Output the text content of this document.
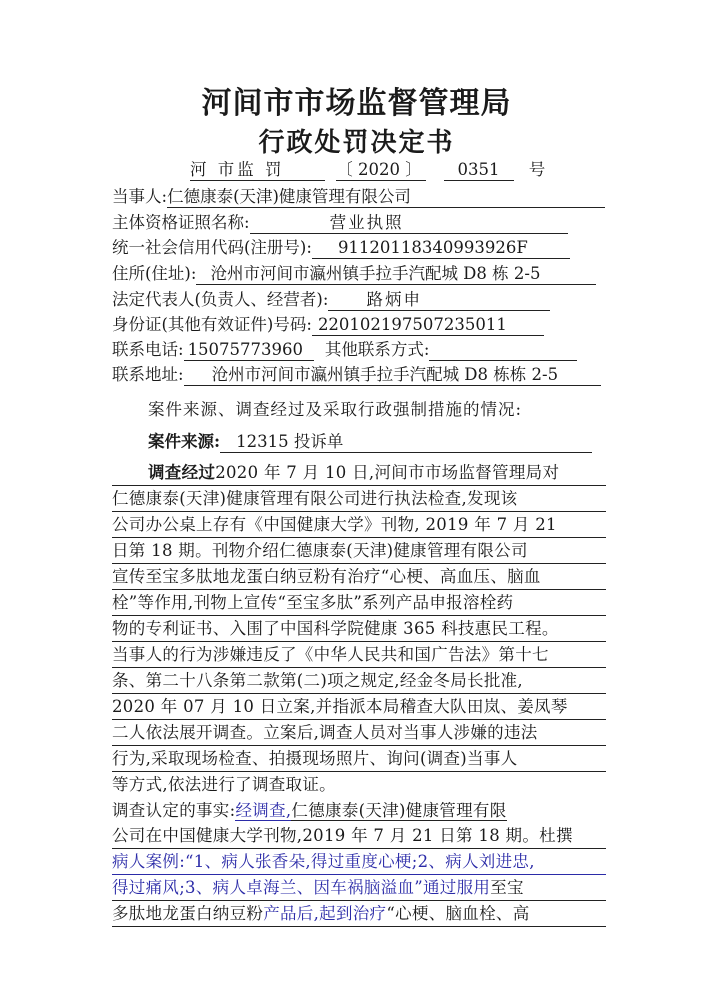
河间市市场监督管理局
行政处罚决定书
河 市监 罚	〔 2020 〕 0351 号
当事人:仁德康泰(天津)健康管理有限公司
主体资格证照名称:	营业执照
统一社会信用代码(注册号): 91120118340993926F
住所(住址): 沧州市河间市瀛州镇手拉手汽配城 D8 栋 2-5
法定代表人(负责人、经营者): 路炳申
身份证(其他有效证件)号码: 220102197507235011
联系电话: 15075773960 其他联系方式:
联系地址: 沧州市河间市瀛州镇手拉手汽配城 D8 栋栋 2-5
案件来源、调查经过及采取行政强制措施的情况:
案件来源: 12315 投诉单
调查经过2020 年 7 月 10 日,河间市市场监督管理局对
仁德康泰(天津)健康管理有限公司进行执法检查,发现该
公司办公桌上存有《中国健康大学》刊物, 2019 年 7 月 21
日第 18 期。刊物介绍仁德康泰(天津)健康管理有限公司
宣传至宝多肽地龙蛋白纳豆粉有治疗“心梗、高血压、脑血
栓”等作用,刊物上宣传“至宝多肽”系列产品申报溶栓药
物的专利证书、入围了中国科学院健康 365 科技惠民工程。
当事人的行为涉嫌违反了《中华人民共和国广告法》第十七
条、第二十八条第二款第(二)项之规定,经金冬局长批准,
2020 年 07 月 10 日立案,并指派本局稽查大队田岚、姜凤琴
二人依法展开调查。立案后,调查人员对当事人涉嫌的违法
行为,采取现场检查、拍摄现场照片、询问(调查)当事人
等方式,依法进行了调查取证。
调查认定的事实:经调查,仁德康泰(天津)健康管理有限
公司在中国健康大学刊物,2019 年 7 月 21 日第 18 期。杜撰
病人案例:“1、病人张香朵,得过重度心梗;2、病人刘进忠,
得过痛风;3、病人卓海兰、因车祸脑溢血”通过服用至宝
多肽地龙蛋白纳豆粉产品后,起到治疗“心梗、脑血栓、高
